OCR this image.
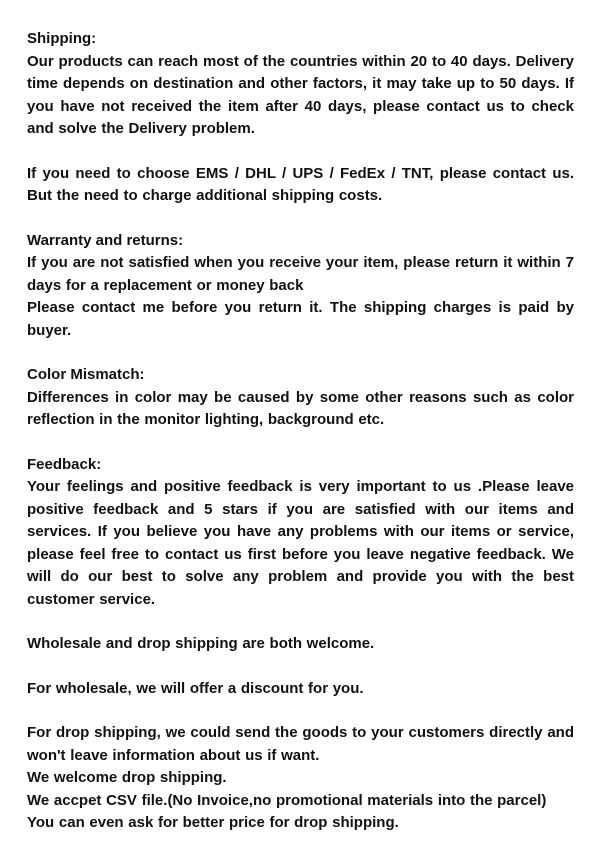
Shipping:
Our products can reach most of the countries within 20 to 40 days. Delivery time depends on destination and other factors, it may take up to 50 days. If you have not received the item after 40 days, please contact us to check and solve the Delivery problem.
If you need to choose EMS / DHL / UPS / FedEx / TNT, please contact us. But the need to charge additional shipping costs.
Warranty and returns:
If you are not satisfied when you receive your item, please return it within 7 days for a replacement or money back
Please contact me before you return it. The shipping charges is paid by buyer.
Color Mismatch:
Differences in color may be caused by some other reasons such as color reflection in the monitor lighting, background etc.
Feedback:
Your feelings and positive feedback is very important to us .Please leave positive feedback and 5 stars if you are satisfied with our items and services. If you believe you have any problems with our items or service, please feel free to contact us first before you leave negative feedback. We will do our best to solve any problem and provide you with the best customer service.
Wholesale and drop shipping are both welcome.
For wholesale, we will offer a discount for you.
For drop shipping, we could send the goods to your customers directly and won't leave information about us if want.
We welcome drop shipping.
We accpet CSV file.(No Invoice,no promotional materials into the parcel)
You can even ask for better price for drop shipping.
